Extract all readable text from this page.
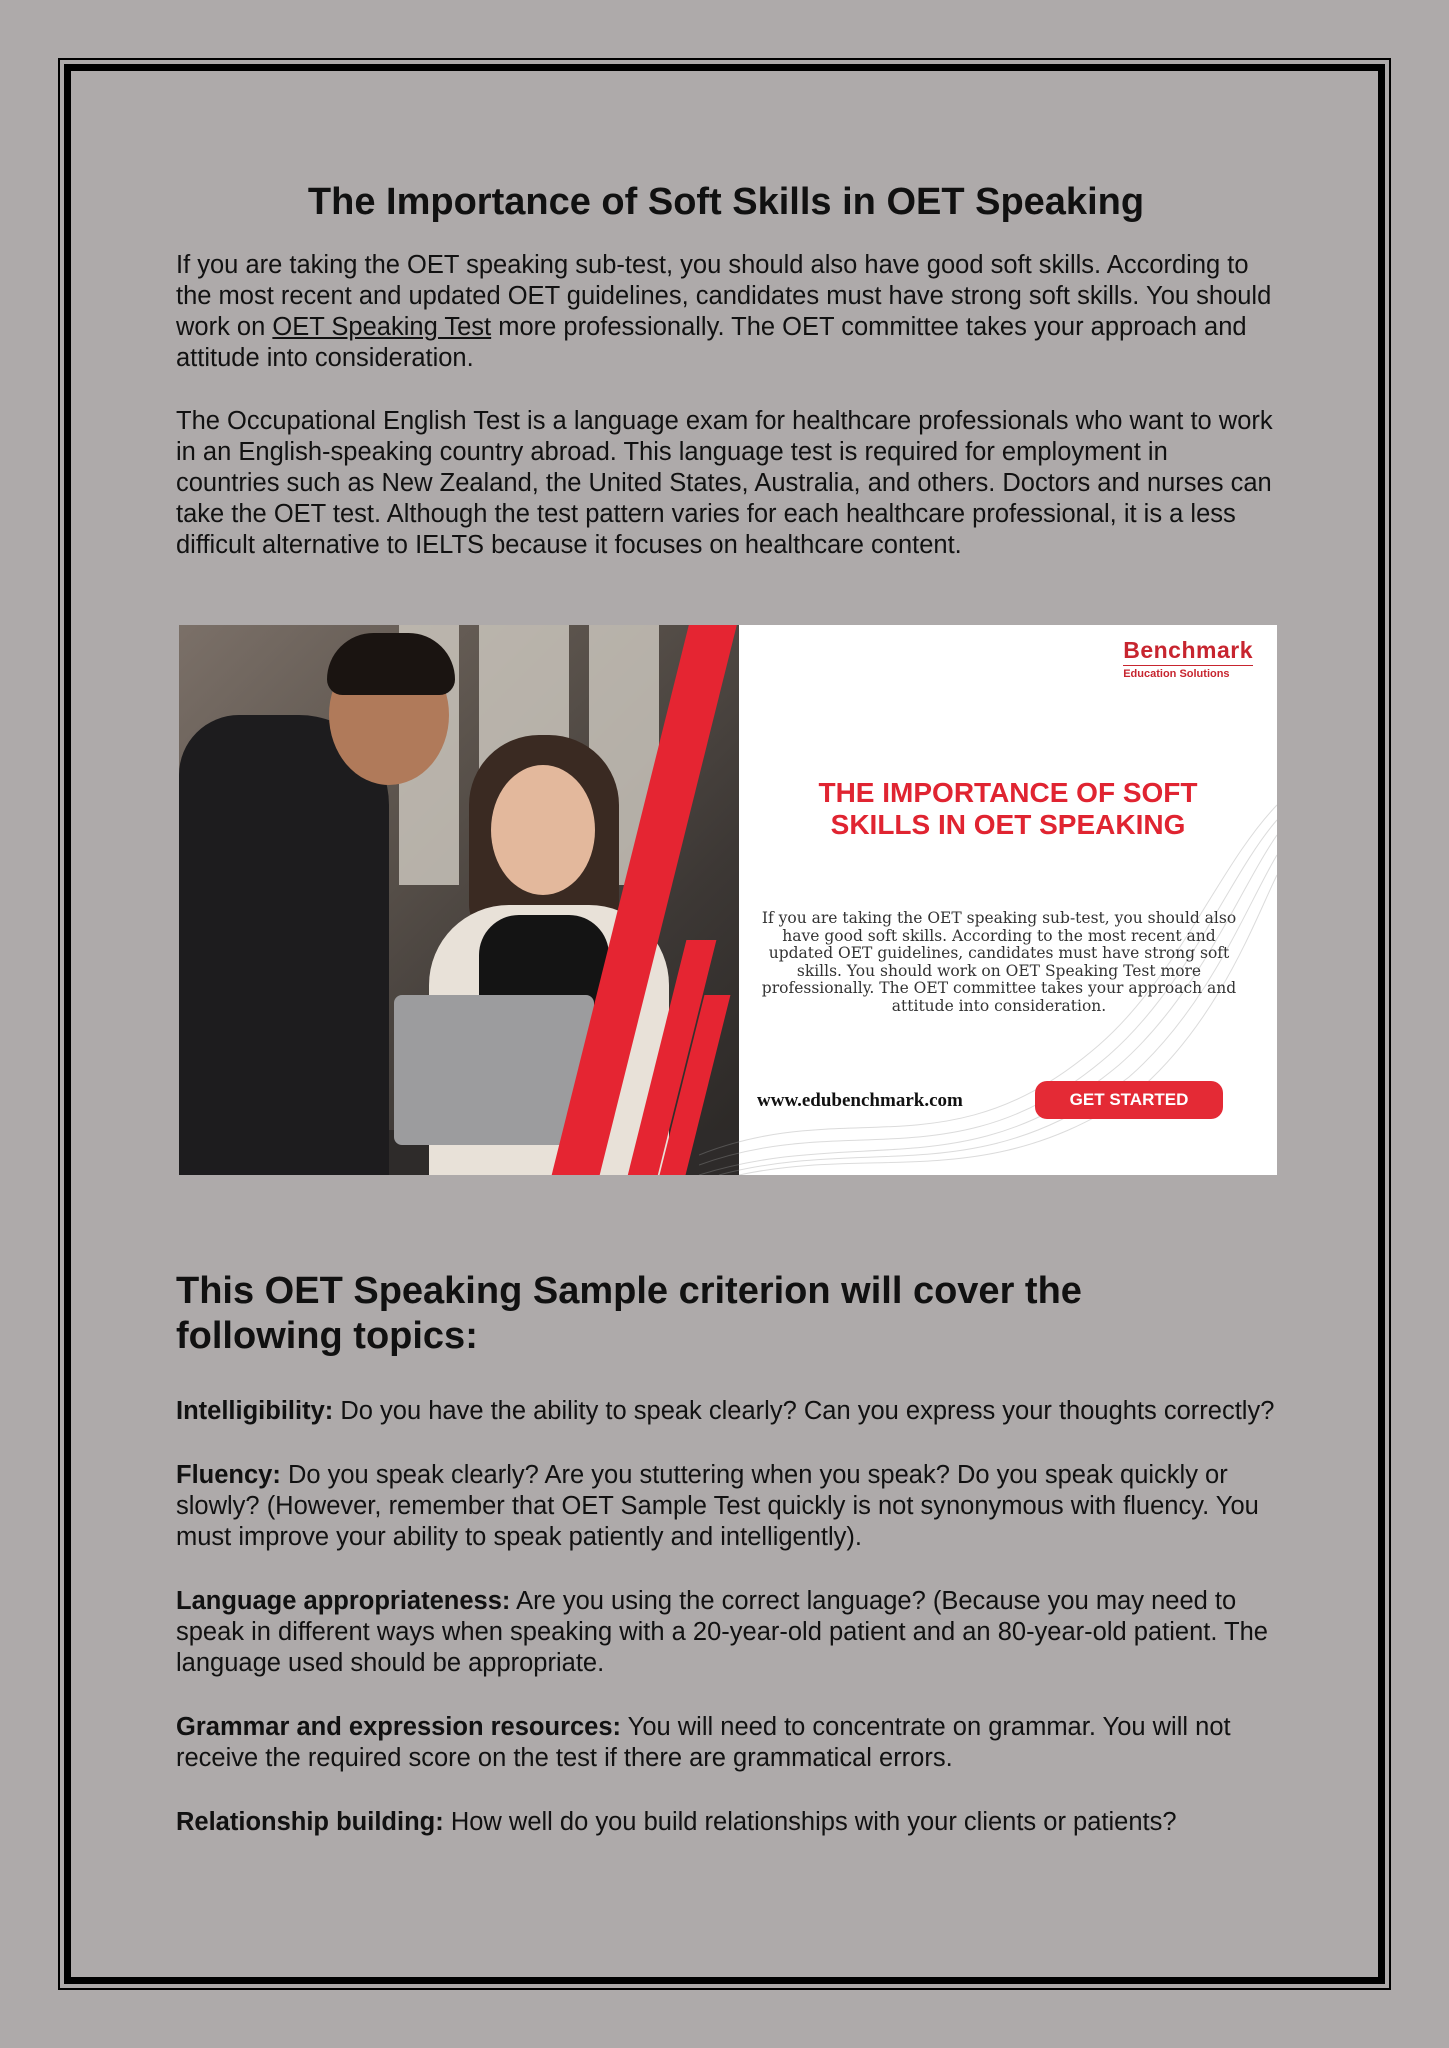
The Importance of Soft Skills in OET Speaking

If you are taking the OET speaking sub-test, you should also have good soft skills. According to the most recent and updated OET guidelines, candidates must have strong soft skills. You should work on OET Speaking Test more professionally. The OET committee takes your approach and attitude into consideration.

The Occupational English Test is a language exam for healthcare professionals who want to work in an English-speaking country abroad. This language test is required for employment in countries such as New Zealand, the United States, Australia, and others. Doctors and nurses can take the OET test. Although the test pattern varies for each healthcare professional, it is a less difficult alternative to IELTS because it focuses on healthcare content.

Benchmark
Education Solutions
THE IMPORTANCE OF SOFT
SKILLS IN OET SPEAKING
If you are taking the OET speaking sub-test, you should also have good soft skills. According to the most recent and updated OET guidelines, candidates must have strong soft skills. You should work on OET Speaking Test more professionally. The OET committee takes your approach and attitude into consideration.
www.edubenchmark.com	GET STARTED
This OET Speaking Sample criterion will cover the following topics:

Intelligibility: Do you have the ability to speak clearly? Can you express your thoughts correctly?

Fluency: Do you speak clearly? Are you stuttering when you speak? Do you speak quickly or slowly? (However, remember that OET Sample Test quickly is not synonymous with fluency. You must improve your ability to speak patiently and intelligently).

Language appropriateness: Are you using the correct language? (Because you may need to speak in different ways when speaking with a 20-year-old patient and an 80-year-old patient. The language used should be appropriate.

Grammar and expression resources: You will need to concentrate on grammar. You will not receive the required score on the test if there are grammatical errors.

Relationship building: How well do you build relationships with your clients or patients?
